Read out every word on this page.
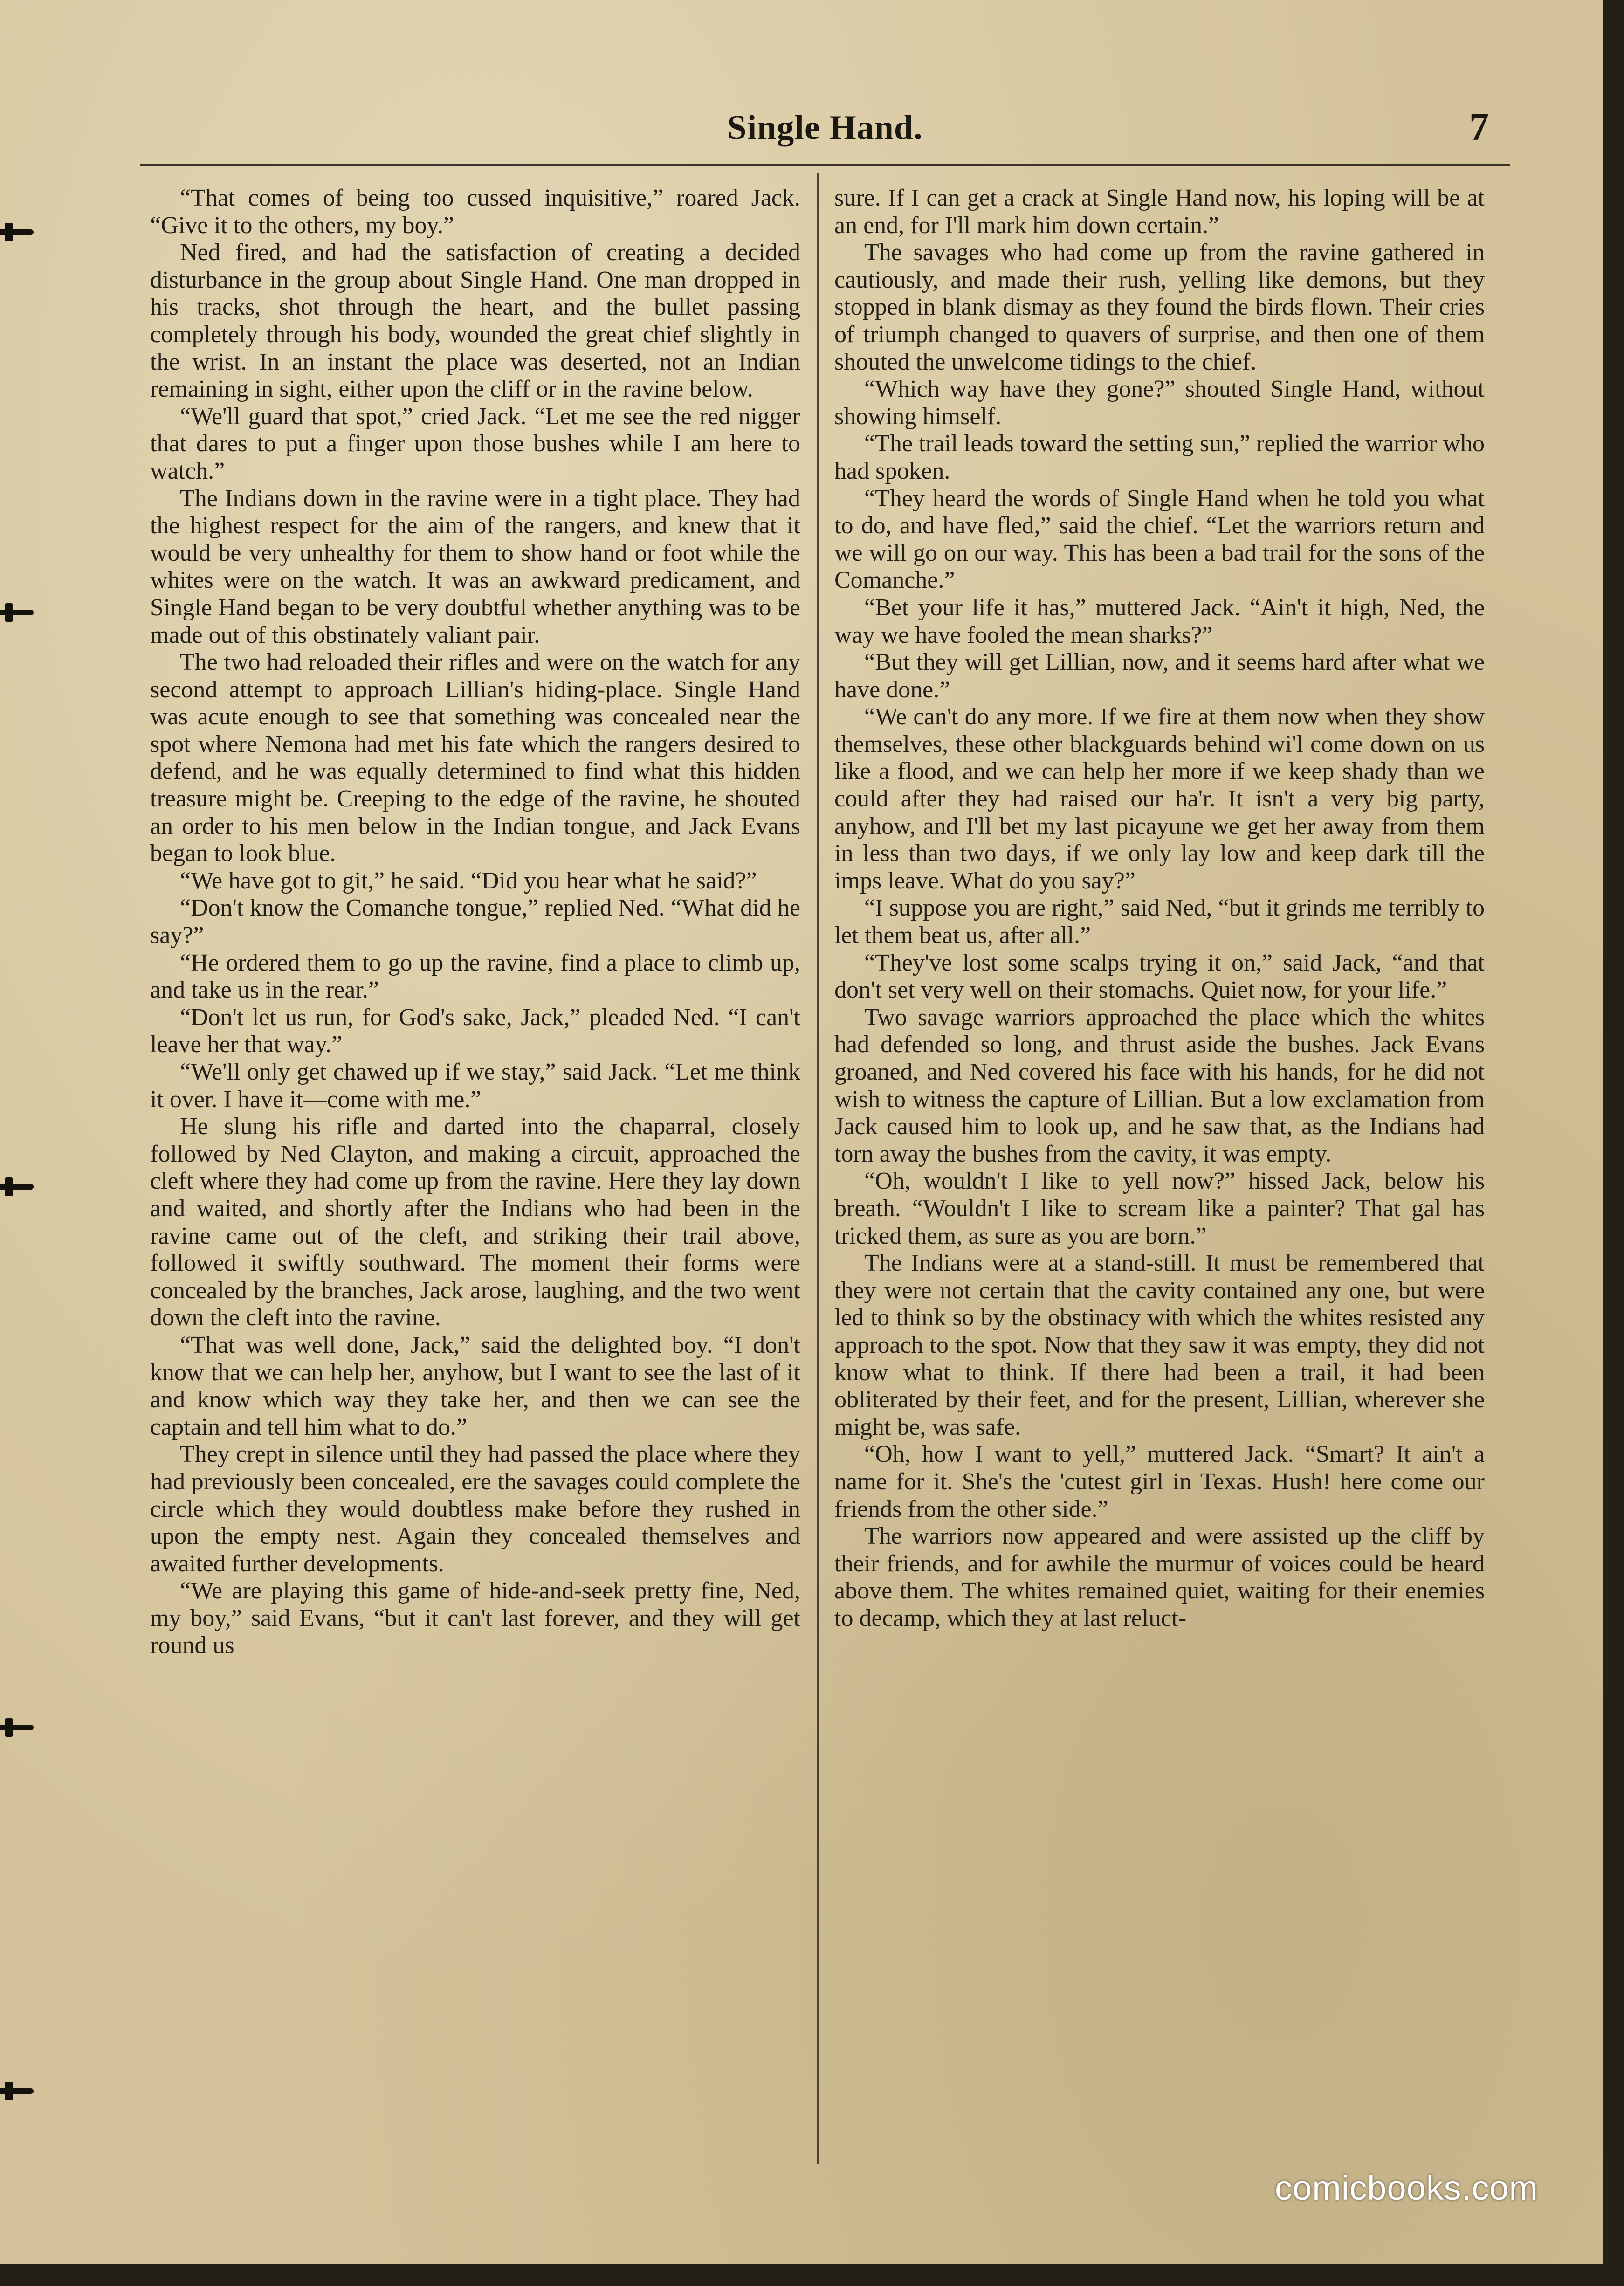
Single Hand.	7

“That comes of being too cussed inquisitive,” roared Jack. “Give it to the others, my boy.”

Ned fired, and had the satisfaction of creating a decided disturbance in the group about Single Hand. One man dropped in his tracks, shot through the heart, and the bullet passing completely through his body, wounded the great chief slightly in the wrist. In an instant the place was deserted, not an Indian remaining in sight, either upon the cliff or in the ravine below.

“We'll guard that spot,” cried Jack. “Let me see the red nigger that dares to put a finger upon those bushes while I am here to watch.”

The Indians down in the ravine were in a tight place. They had the highest respect for the aim of the rangers, and knew that it would be very unhealthy for them to show hand or foot while the whites were on the watch. It was an awkward predicament, and Single Hand began to be very doubtful whether anything was to be made out of this obstinately valiant pair.

The two had reloaded their rifles and were on the watch for any second attempt to approach Lillian's hiding-place. Single Hand was acute enough to see that something was concealed near the spot where Nemona had met his fate which the rangers desired to defend, and he was equally determined to find what this hidden treasure might be. Creeping to the edge of the ravine, he shouted an order to his men below in the Indian tongue, and Jack Evans began to look blue.

“We have got to git,” he said. “Did you hear what he said?”

“Don't know the Comanche tongue,” replied Ned. “What did he say?”

“He ordered them to go up the ravine, find a place to climb up, and take us in the rear.”

“Don't let us run, for God's sake, Jack,” pleaded Ned. “I can't leave her that way.”

“We'll only get chawed up if we stay,” said Jack. “Let me think it over. I have it—come with me.”

He slung his rifle and darted into the chaparral, closely followed by Ned Clayton, and making a circuit, approached the cleft where they had come up from the ravine. Here they lay down and waited, and shortly after the Indians who had been in the ravine came out of the cleft, and striking their trail above, followed it swiftly southward. The moment their forms were concealed by the branches, Jack arose, laughing, and the two went down the cleft into the ravine.

“That was well done, Jack,” said the delighted boy. “I don't know that we can help her, anyhow, but I want to see the last of it and know which way they take her, and then we can see the captain and tell him what to do.”

They crept in silence until they had passed the place where they had previously been concealed, ere the savages could complete the circle which they would doubtless make before they rushed in upon the empty nest. Again they concealed themselves and awaited further developments.

“We are playing this game of hide-and-seek pretty fine, Ned, my boy,” said Evans, “but it can't last forever, and they will get round us

sure. If I can get a crack at Single Hand now, his loping will be at an end, for I'll mark him down certain.”

The savages who had come up from the ravine gathered in cautiously, and made their rush, yelling like demons, but they stopped in blank dismay as they found the birds flown. Their cries of triumph changed to quavers of surprise, and then one of them shouted the unwelcome tidings to the chief.

“Which way have they gone?” shouted Single Hand, without showing himself.

“The trail leads toward the setting sun,” replied the warrior who had spoken.

“They heard the words of Single Hand when he told you what to do, and have fled,” said the chief. “Let the warriors return and we will go on our way. This has been a bad trail for the sons of the Comanche.”

“Bet your life it has,” muttered Jack. “Ain't it high, Ned, the way we have fooled the mean sharks?”

“But they will get Lillian, now, and it seems hard after what we have done.”

“We can't do any more. If we fire at them now when they show themselves, these other blackguards behind wi'l come down on us like a flood, and we can help her more if we keep shady than we could after they had raised our ha'r. It isn't a very big party, anyhow, and I'll bet my last picayune we get her away from them in less than two days, if we only lay low and keep dark till the imps leave. What do you say?”

“I suppose you are right,” said Ned, “but it grinds me terribly to let them beat us, after all.”

“They've lost some scalps trying it on,” said Jack, “and that don't set very well on their stomachs. Quiet now, for your life.”

Two savage warriors approached the place which the whites had defended so long, and thrust aside the bushes. Jack Evans groaned, and Ned covered his face with his hands, for he did not wish to witness the capture of Lillian. But a low exclamation from Jack caused him to look up, and he saw that, as the Indians had torn away the bushes from the cavity, it was empty.

“Oh, wouldn't I like to yell now?” hissed Jack, below his breath. “Wouldn't I like to scream like a painter? That gal has tricked them, as sure as you are born.”

The Indians were at a stand-still. It must be remembered that they were not certain that the cavity contained any one, but were led to think so by the obstinacy with which the whites resisted any approach to the spot. Now that they saw it was empty, they did not know what to think. If there had been a trail, it had been obliterated by their feet, and for the present, Lillian, wherever she might be, was safe.

“Oh, how I want to yell,” muttered Jack. “Smart? It ain't a name for it. She's the 'cutest girl in Texas. Hush! here come our friends from the other side.”

The warriors now appeared and were assisted up the cliff by their friends, and for awhile the murmur of voices could be heard above them. The whites remained quiet, waiting for their enemies to decamp, which they at last reluct-

comicbooks.com
